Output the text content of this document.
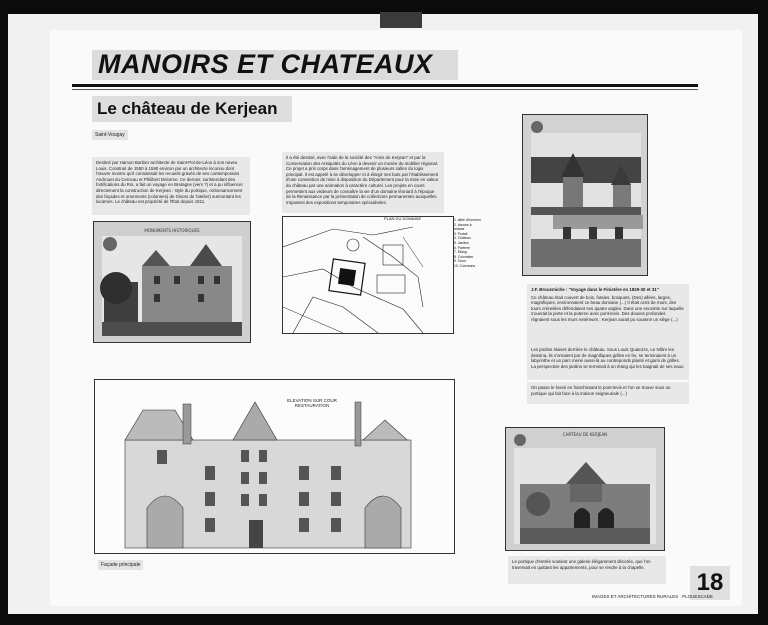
MANOIRS ET CHATEAUX
Le château de Kerjean
Saint-Vougay
Destiné par Hamon Barbier architecte de Saint-Pol-de-Léon à son neveu Louis. Construit de 1550 à 1590 environ par un architecte inconnu dont l'œuvre montre qu'il connaissait les recueils gravés de ses contemporains Androuet du Cerceau et Philibert Delorme. Ce dernier, surintendant des fortifications du Roi, a fait un voyage en Bretagne (vers ?) et a pu influencer directement la construction de Kerjean : style du portique, ordonnancement des façades et ornements (colonnes) de Gisors de l'atelier) surmontant les lucarnes. Le château est propriété de l'État depuis 1911.
Il a été destiné, avec l'aide de la société des "Amis de Kerjean" et par la Conservation des Antiquités du Léon à devenir un musée du mobilier régional. Ce projet a pris corps dans l'aménagement de plusieurs salles du logis principal. Il est appelé à se développer et à élargir ses buts par l'établissement d'une convention de mise à disposition du Département pour la mise en valeur du château par une animation à caractère culturel. Les projets en cours permettent aux visiteurs de connaître la vie d'un domaine léonard à l'époque de la Renaissance par la présentation de collections permanentes auxquelles s'ajoutent des expositions temporaires spécialisées.
MONUMENTS HISTORIQUES
PLAN DU DOMAINE	1. allée d'honneur
2. douves à redans
3. Portail
4. Château
5. Jardins
6. Parterre
7. Étang
8. Colombier
9. Tours
10. Communs
J.F. Brousmiche : "Voyage dans le Finistère en 1829-30 et 31"
Ce château était couvert de bois, futaies, bosquets. (Des) allées, larges, magnifiques, environnaient ce beau domaine (...) Il était ceint de murs, des tours crénelées défendaient ses quatre angles. Dans une enceinte sur laquelle s'ouvrait la porte et la poterne avec pont-levis. Des douves profondes régnaient sous les murs extérieurs ; Kerjean aurait pu soutenir un siège (...)
Les jardins étaient derrière le château. Sous Louis Quatorze, Le Nôtre les dessina, ils s'ornaient par de magnifiques grilles en fer, se terminaient à un labyrinthe et un parc mené aussi-là au contreponds planté et garni de grilles. La perspective des jardins se terminait à un étang qui les baignait de ses eaux.
On passe le fossé en franchissant le pont-levis et l'on se trouve sous un portique qui fait face à la maison seigneuriale (...)
ELEVATION SUR COUR
RESTAURATION
Façade principale
CHÂTEAU DE KERJEAN
Le portique d'entrée soutient une galerie élégamment décorée, que l'on traversait en quittant les appartements, pour se rendre à la chapelle.
18
IMAGES ET ARCHITECTURES RURALES · PLOUESCADE
